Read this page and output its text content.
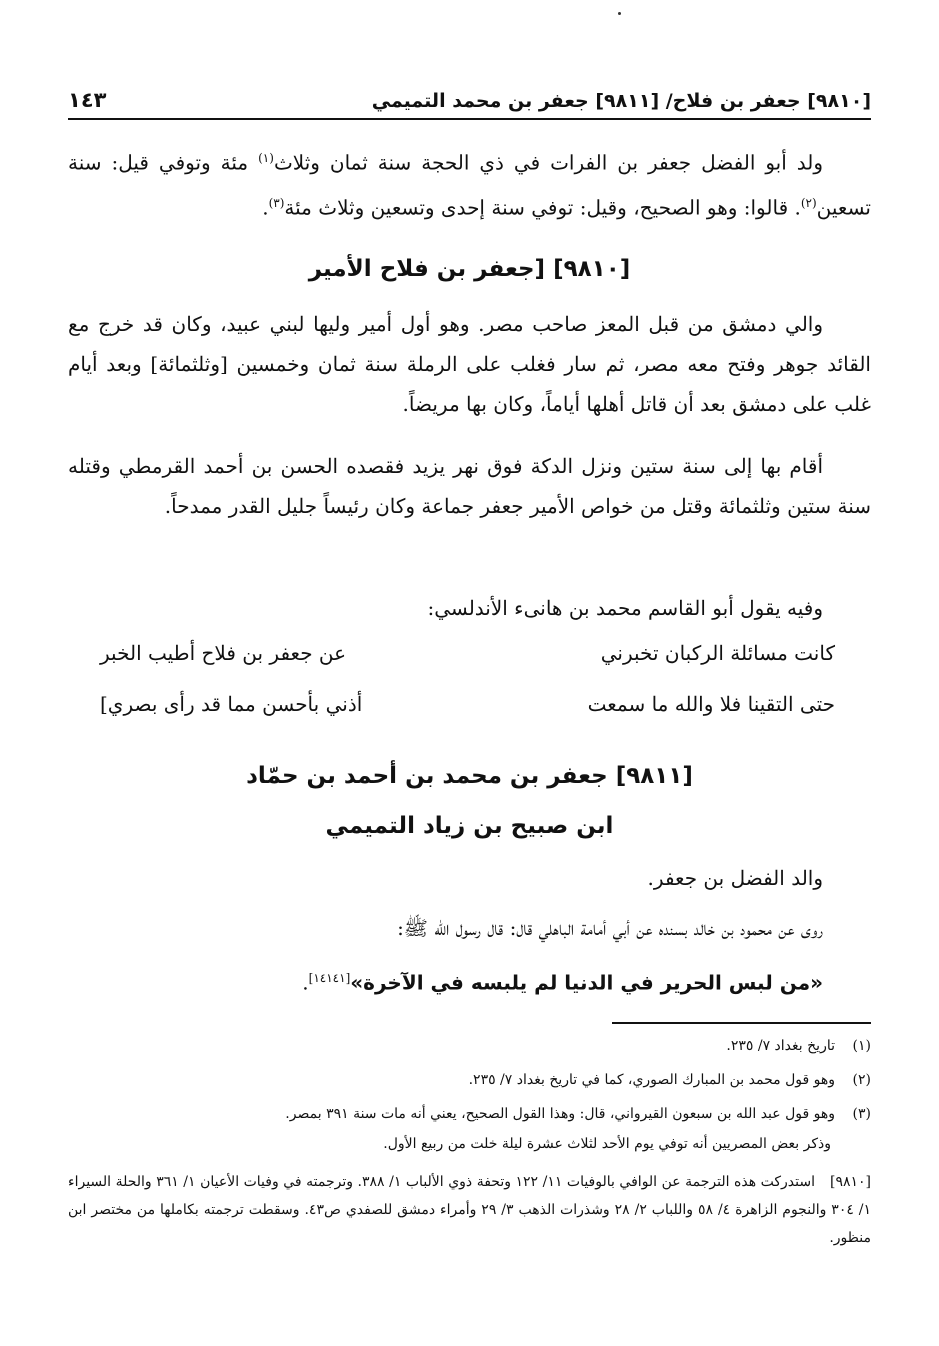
١٤٣	[٩٨١٠] جعفر بن فلاح/ [٩٨١١] جعفر بن محمد التميمي

ولد أبو الفضل جعفر بن الفرات في ذي الحجة سنة ثمان وثلاث$^{(١)}$ مئة وتوفي قيل: سنة تسعين$^{(٢)}$. قالوا: وهو الصحيح، وقيل: توفي سنة إحدى وتسعين وثلاث مئة$^{(٣)}$.

[٩٨١٠] [جعفر بن فلاح الأمير

والي دمشق من قبل المعز صاحب مصر. وهو أول أمير وليها لبني عبيد، وكان قد خرج مع القائد جوهر وفتح معه مصر، ثم سار فغلب على الرملة سنة ثمان وخمسين [وثلثمائة] وبعد أيام غلب على دمشق بعد أن قاتل أهلها أياماً، وكان بها مريضاً.

أقام بها إلى سنة ستين ونزل الدكة فوق نهر يزيد فقصده الحسن بن أحمد القرمطي وقتله سنة ستين وثلثمائة وقتل من خواص الأمير جعفر جماعة وكان رئيساً جليل القدر ممدحاً.

وفيه يقول أبو القاسم محمد بن هانىء الأندلسي:

كانت مسائلة الركبان تخبرني
عن جعفر بن فلاح أطيب الخبر
حتى التقينا فلا والله ما سمعت
أذني بأحسن مما قد رأى بصري]
[٩٨١١] جعفر بن محمد بن أحمد بن حمّاد
ابن صبيح بن زياد التميمي

والد الفضل بن جعفر.

روى عن محمود بن خالد بسنده عن أبي أمامة الباهلي قال: قال رسول الله ﷺ:

«من لبس الحرير في الدنيا لم يلبسه في الآخرة»[١٤١٤١].

(١)تاريخ بغداد ٧/ ٢٣٥.

(٢)وهو قول محمد بن المبارك الصوري، كما في تاريخ بغداد ٧/ ٢٣٥.

(٣)وهو قول عبد الله بن سبعون القيرواني، قال: وهذا القول الصحيح، يعني أنه مات سنة ٣٩١ بمصر.

وذكر بعض المصريين أنه توفي يوم الأحد لثلاث عشرة ليلة خلت من ربيع الأول.

[٩٨١٠]استدركت هذه الترجمة عن الوافي بالوفيات ١١/ ١٢٢ وتحفة ذوي الألباب ١/ ٣٨٨. وترجمته في وفيات الأعيان ١/ ٣٦١ والحلة السيراء ١/ ٣٠٤ والنجوم الزاهرة ٤/ ٥٨ واللباب ٢/ ٢٨ وشذرات الذهب ٣/ ٢٩ وأمراء دمشق للصفدي ص٤٣. وسقطت ترجمته بكاملها من مختصر ابن منظور.
